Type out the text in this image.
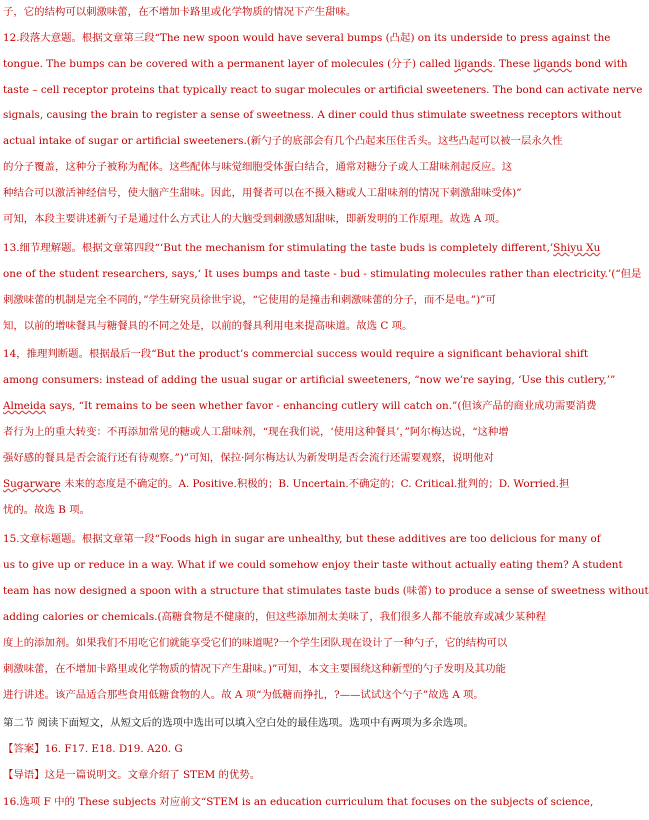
子，它的结构可以刺激味蕾，在不增加卡路里或化学物质的情况下产生甜味。
12.段落大意题。根据文章第三段“The new spoon would have several bumps (凸起) on its underside to press against the
tongue. The bumps can be covered with a permanent layer of molecules (分子) called ligands. These ligands bond with
taste – cell receptor proteins that typically react to sugar molecules or artificial sweeteners. The bond can activate nerve
signals, causing the brain to register a sense of sweetness. A diner could thus stimulate sweetness receptors without
actual intake of sugar or artificial sweeteners.(新勺子的底部会有几个凸起来压住舌头。这些凸起可以被一层永久性
的分子覆盖，这种分子被称为配体。这些配体与味觉细胞受体蛋白结合，通常对糖分子或人工甜味剂起反应。这
种结合可以激活神经信号，使大脑产生甜味。因此，用餐者可以在不摄入糖或人工甜味剂的情况下刺激甜味受体)”
可知，本段主要讲述新勺子是通过什么方式让人的大脑受到刺激感知甜味，即新发明的工作原理。故选 A 项。
13.细节理解题。根据文章第四段“‘But the mechanism for stimulating the taste buds is completely different,’Shiyu Xu
one of the student researchers, says,‘ It uses bumps and taste - bud - stimulating molecules rather than electricity.’(“但是
刺激味蕾的机制是完全不同的，”学生研究员徐世宇说，“它使用的是撞击和刺激味蕾的分子，而不是电。”)”可
知，以前的增味餐具与糖餐具的不同之处是，以前的餐具利用电来提高味道。故选 C 项。
14，推理判断题。根据最后一段“But the product’s commercial success would require a significant behavioral shift
among consumers: instead of adding the usual sugar or artificial sweeteners, “now we’re saying, ‘Use this cutlery,’”
Almeida says, “It remains to be seen whether favor - enhancing cutlery will catch on.”(但该产品的商业成功需要消费
者行为上的重大转变：不再添加常见的糖或人工甜味剂，“现在我们说，‘使用这种餐具’，”阿尔梅达说，“这种增
强好感的餐具是否会流行还有待观察。”)”可知，保拉·阿尔梅达认为新发明是否会流行还需要观察，说明他对
Sugarware 未来的态度是不确定的。A. Positive.积极的；B. Uncertain.不确定的；C. Critical.批判的；D. Worried.担
忧的。故选 B 项。
15.文章标题题。根据文章第一段“Foods high in sugar are unhealthy, but these additives are too delicious for many of
us to give up or reduce in a way. What if we could somehow enjoy their taste without actually eating them? A student
team has now designed a spoon with a structure that stimulates taste buds (味蕾) to produce a sense of sweetness without
adding calories or chemicals.(高糖食物是不健康的，但这些添加剂太美味了，我们很多人都不能放弃或减少某种程
度上的添加剂。如果我们不用吃它们就能享受它们的味道呢?一个学生团队现在设计了一种勺子，它的结构可以
刺激味蕾，在不增加卡路里或化学物质的情况下产生甜味。)”可知，本文主要围绕这种新型的勺子发明及其功能
进行讲述。该产品适合那些食用低糖食物的人。故 A 项“为低糖而挣扎，?——试试这个勺子”故选 A 项。
第二节 阅读下面短文，从短文后的选项中选出可以填入空白处的最佳选项。选项中有两项为多余选项。
【答案】16. F17. E18. D19. A20. G
【导语】这是一篇说明文。文章介绍了 STEM 的优势。
16.选项 F 中的 These subjects 对应前文“STEM is an education curriculum that focuses on the subjects of science,
